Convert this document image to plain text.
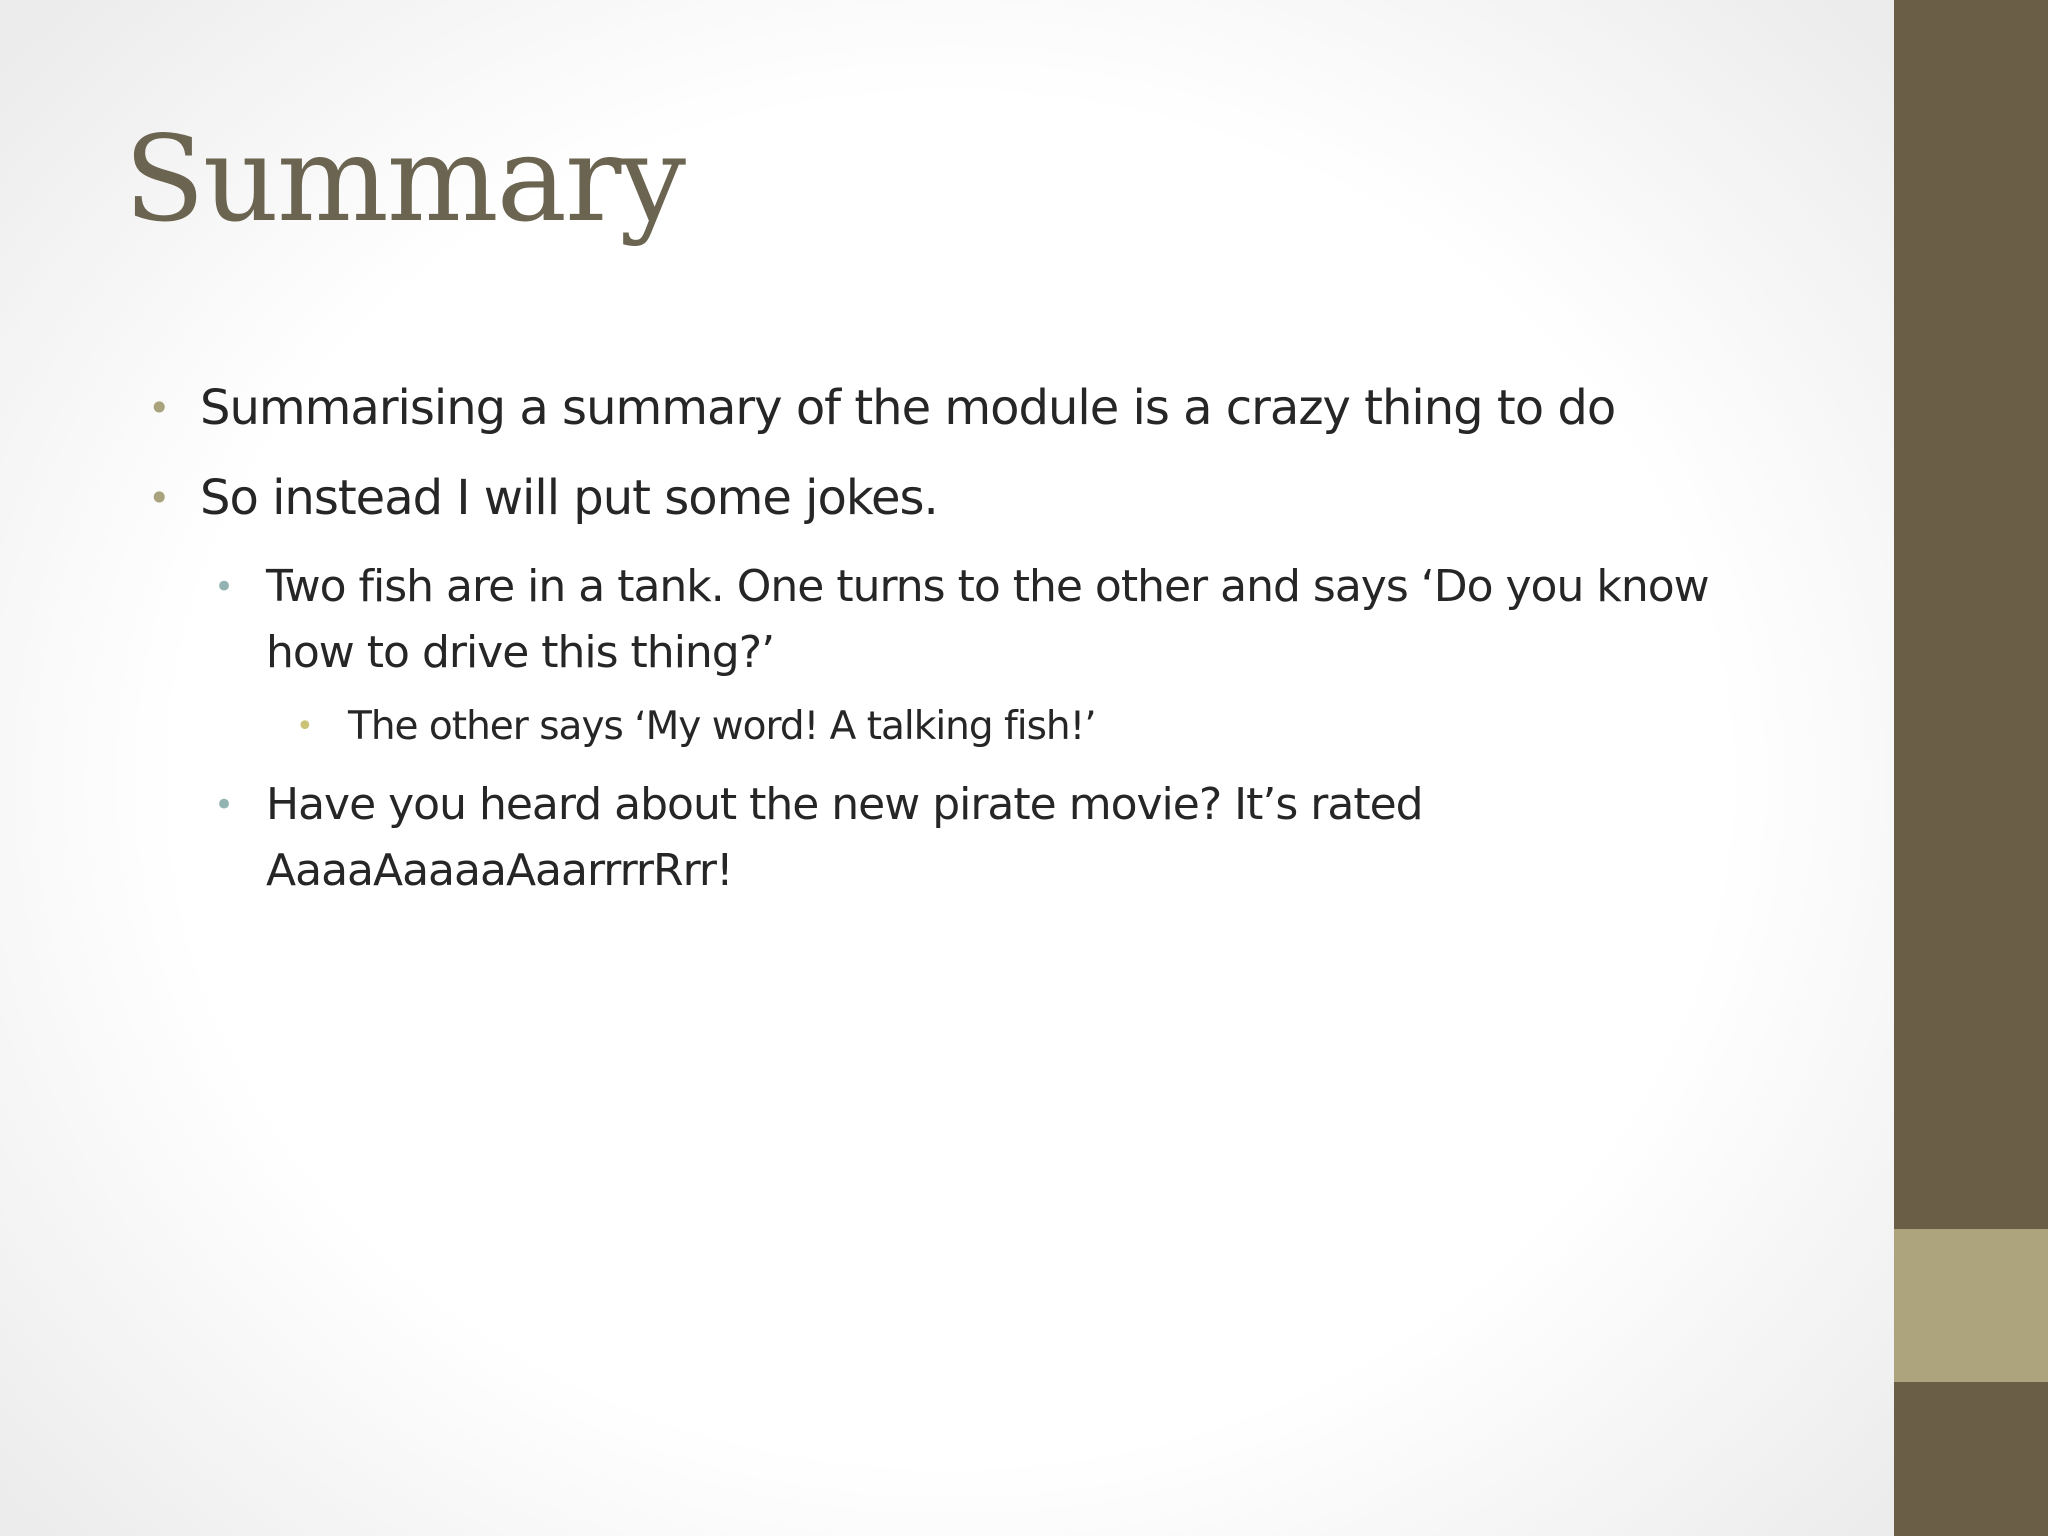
Summary
• Summarising a summary of the module is a crazy thing to do
• So instead I will put some jokes.
• Two fish are in a tank. One turns to the other and says ‘Do you know how to drive this thing?’
• The other says ‘My word! A talking fish!’
• Have you heard about the new pirate movie? It’s rated AaaaAaaaaAaarrrrRrr!
